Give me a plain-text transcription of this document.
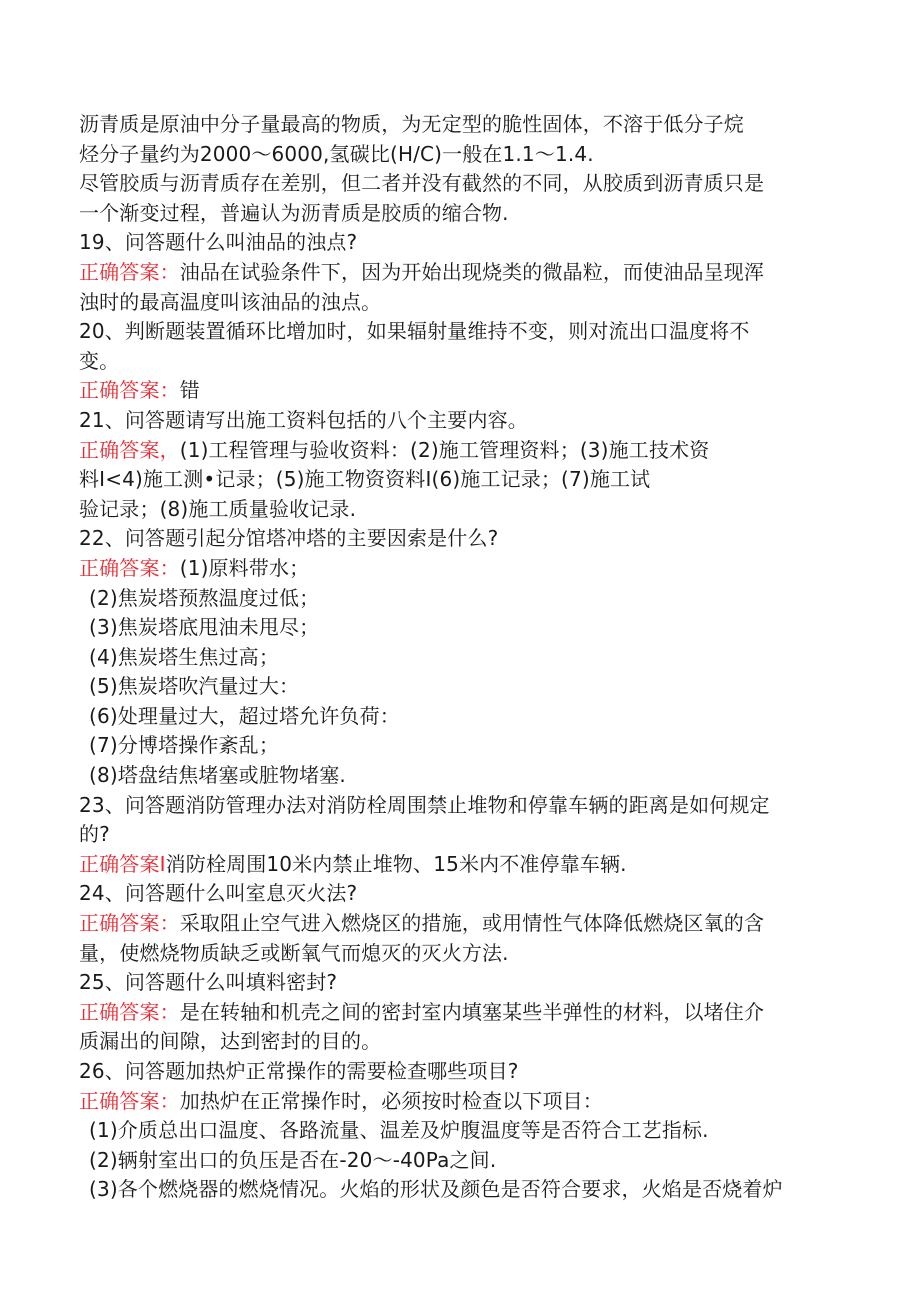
沥青质是原油中分子量最高的物质，为无定型的脆性固体，不溶于低分子烷
烃分子量约为2000〜6000,氢碳比(H/C)一般在1.1〜1.4.
尽管胶质与沥青质存在差别，但二者并没有截然的不同，从胶质到沥青质只是
一个渐变过程，普遍认为沥青质是胶质的缩合物.
19、问答题什么叫油品的浊点?
正确答案：油品在试验条件下，因为开始出现烧类的微晶粒，而使油品呈现浑
浊时的最高温度叫该油品的浊点。
20、判断题装置循环比增加时，如果辐射量维持不变，则对流出口温度将不
变。
正确答案：错
21、问答题请写出施工资料包括的八个主要内容。
正确答案，(1)工程管理与验收资料：(2)施工管理资料；(3)施工技术资
料I<4)施工测•记录；(5)施工物资资料I(6)施工记录；(7)施工试
验记录；(8)施工质量验收记录.
22、问答题引起分馆塔冲塔的主要因索是什么?
正确答案：(1)原料带水；
(2)焦炭塔预熬温度过低；
(3)焦炭塔底甩油未甩尽；
(4)焦炭塔生焦过高；
(5)焦炭塔吹汽量过大：
(6)处理量过大，超过塔允许负荷：
(7)分博塔操作紊乱；
(8)塔盘结焦堵塞或脏物堵塞.
23、问答题消防管理办法对消防栓周围禁止堆物和停靠车辆的距离是如何规定
的?
正确答案I消防栓周围10米内禁止堆物、15米内不准停靠车辆.
24、问答题什么叫室息灭火法?
正确答案：采取阻止空气进入燃烧区的措施，或用情性气体降低燃烧区氧的含
量，使燃烧物质缺乏或断氧气而熄灭的灭火方法.
25、问答题什么叫填料密封?
正确答案：是在转轴和机壳之间的密封室内填塞某些半弹性的材料，以堵住介
质漏出的间隙，达到密封的目的。
26、问答题加热炉正常操作的需要检查哪些项目?
正确答案：加热炉在正常操作时，必须按时检查以下项目：
(1)介质总出口温度、各路流量、温差及炉腹温度等是否符合工艺指标.
(2)辆射室出口的负压是否在-20〜-40Pa之间.
(3)各个燃烧器的燃烧情况。火焰的形状及颜色是否符合要求，火焰是否烧着炉
